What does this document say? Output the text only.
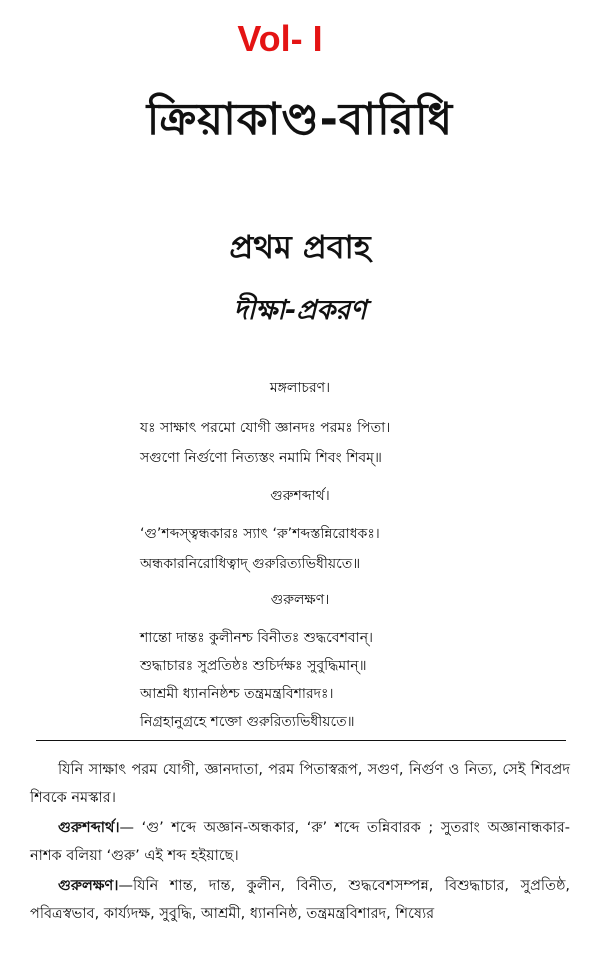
Vol- I
ক্রিয়াকাণ্ড-বারিধি
প্রথম প্রবাহ
দীক্ষা-প্রকরণ
মঙ্গলাচরণ।
যঃ সাক্ষাৎ পরমো যোগী জ্ঞানদঃ পরমঃ পিতা।
সগুণো নির্গুণো নিত্যস্তং নমামি শিবং শিবম্॥
গুরুশব্দার্থ।
‘গু’শব্দস্ত্বন্ধকারঃ স্যাৎ ‘রু’শব্দস্তন্নিরোধকঃ।
অন্ধকারনিরোধিত্বাদ্ গুরুরিত্যভিধীয়তে॥
গুরুলক্ষণ।
শান্তো দান্তঃ কুলীনশ্চ বিনীতঃ শুদ্ধবেশবান্।
শুদ্ধাচারঃ সুপ্রতিষ্ঠঃ শুচির্দক্ষঃ সুবুদ্ধিমান্॥
আশ্রমী ধ্যাননিষ্ঠশ্চ তন্ত্রমন্ত্রবিশারদঃ।
নিগ্রহানুগ্রহে শক্তো গুরুরিত্যভিধীয়তে॥
যিনি সাক্ষাৎ পরম যোগী, জ্ঞানদাতা, পরম পিতাস্বরূপ, সগুণ, নির্গুণ ও নিত্য, সেই শিবপ্রদ শিবকে নমস্কার।
গুরুশব্দার্থ।— ‘গু’ শব্দে অজ্ঞান-অন্ধকার, ‘রু’ শব্দে তন্নিবারক ; সুতরাং অজ্ঞানান্ধকার-নাশক বলিয়া ‘গুরু’ এই শব্দ হইয়াছে।
গুরুলক্ষণ।—যিনি শান্ত, দান্ত, কুলীন, বিনীত, শুদ্ধবেশসম্পন্ন, বিশুদ্ধাচার, সুপ্রতিষ্ঠ, পবিত্রস্বভাব, কার্য্যদক্ষ, সুবুদ্ধি, আশ্রমী, ধ্যাননিষ্ঠ, তন্ত্রমন্ত্রবিশারদ, শিষ্যের
